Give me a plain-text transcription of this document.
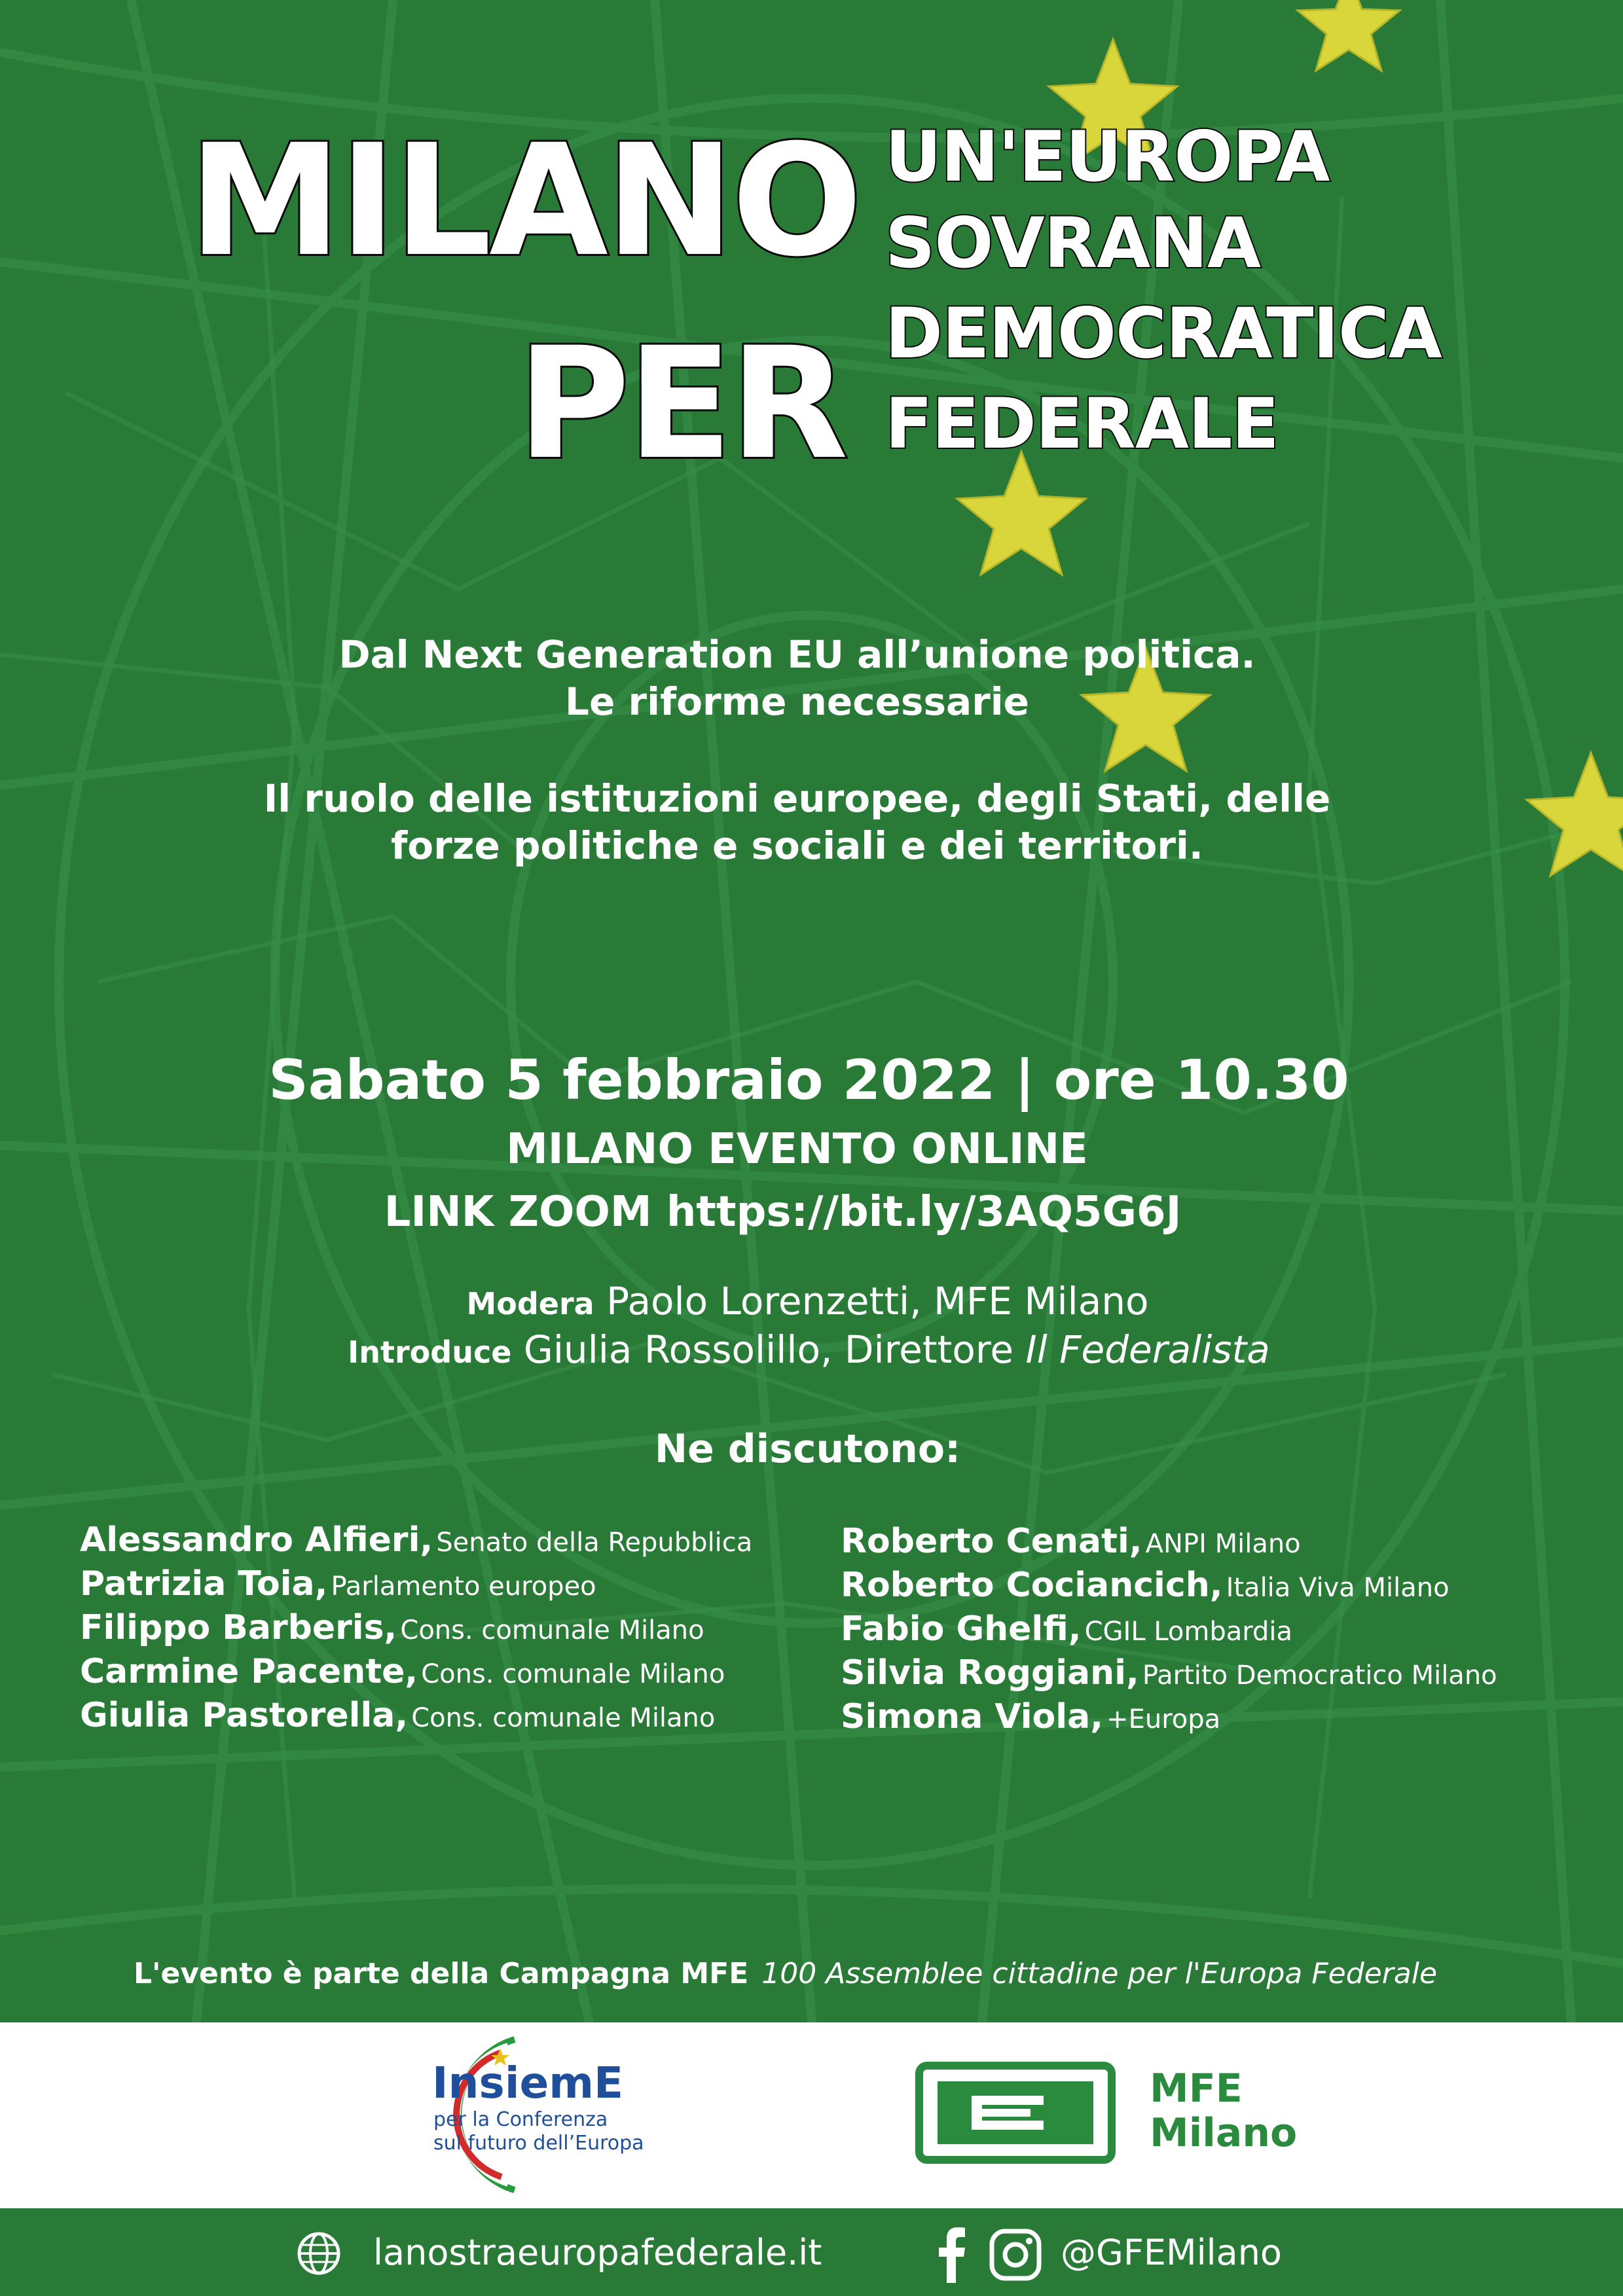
MILANO
PER
UN'EUROPA
SOVRANA
DEMOCRATICA
FEDERALE
Dal Next Generation EU all’unione politica.
Le riforme necessarie
Il ruolo delle istituzioni europee, degli Stati, delle
forze politiche e sociali e dei territori.
Sabato 5 febbraio 2022 | ore 10.30
MILANO EVENTO ONLINE
LINK ZOOM https://bit.ly/3AQ5G6J
Modera Paolo Lorenzetti, MFE Milano
Introduce Giulia Rossolillo, Direttore Il Federalista
Ne discutono:
Alessandro Alfieri, Senato della Repubblica
Patrizia Toia, Parlamento europeo
Filippo Barberis, Cons. comunale Milano
Carmine Pacente, Cons. comunale Milano
Giulia Pastorella, Cons. comunale Milano
Roberto Cenati, ANPI Milano
Roberto Cociancich, Italia Viva Milano
Fabio Ghelfi, CGIL Lombardia
Silvia Roggiani, Partito Democratico Milano
Simona Viola, +Europa
L'evento è parte della Campagna MFE 100 Assemblee cittadine per l'Europa Federale
InsiemE
per la Conferenza
sul futuro dell’Europa
MFE
Milano
lanostraeuropafederale.it	@GFEMilano
